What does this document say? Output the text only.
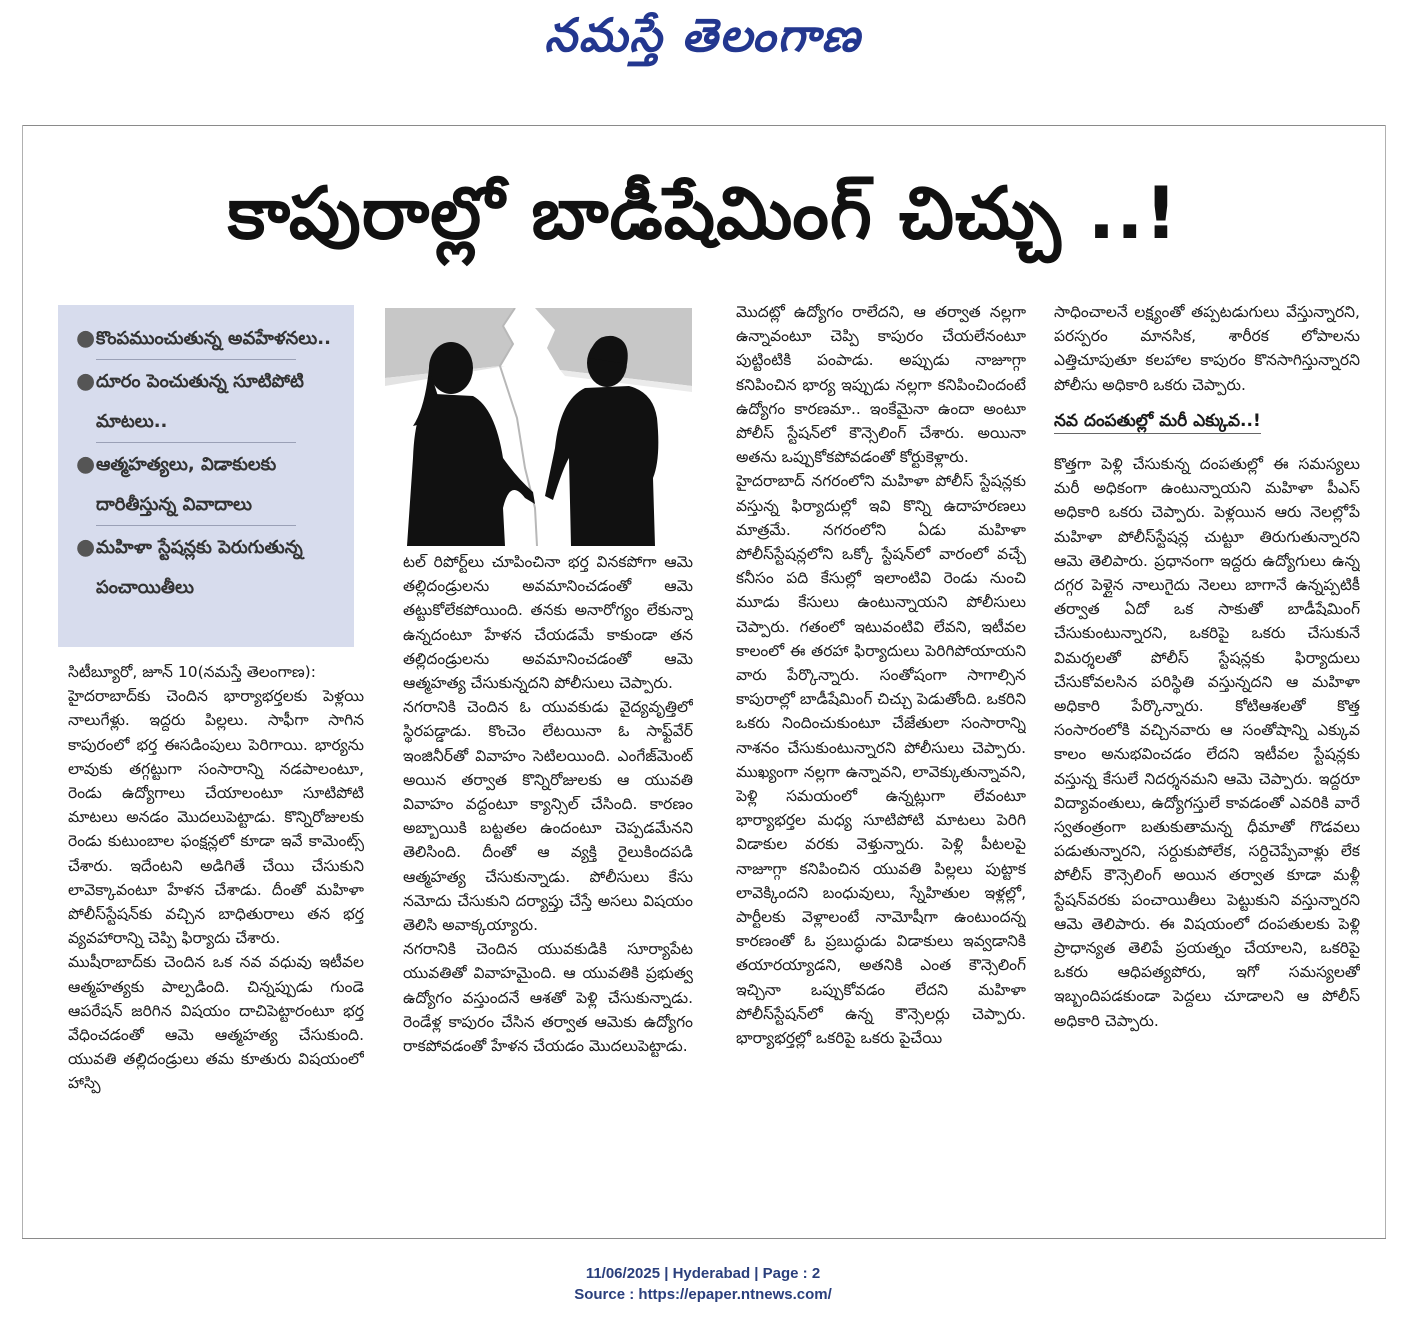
నమస్తే తెలంగాణ
కాపురాల్లో బాడీషేమింగ్ చిచ్చు ..!
● కొంపముంచుతున్న అవహేళనలు..
● దూరం పెంచుతున్న సూటిపోటి మాటలు..
● ఆత్మహత్యలు, విడాకులకు దారితీస్తున్న వివాదాలు
● మహిళా స్టేషన్లకు పెరుగుతున్న పంచాయితీలు

సిటీబ్యూరో, జూన్ 10(నమస్తే తెలంగాణ):

● హైదరాబాద్‌కు చెందిన భార్యాభర్తలకు పెళ్లయి నాలుగేళ్లు. ఇద్దరు పిల్లలు. సాఫీగా సాగిన కాపురంలో భర్త ఈసడింపులు పెరిగాయి. భార్యను లావుకు తగ్గట్టుగా సంసారాన్ని నడపాలంటూ, రెండు ఉద్యోగాలు చేయాలంటూ సూటిపోటి మాటలు అనడం మొదలుపెట్టాడు. కొన్నిరోజులకు రెండు కుటుంబాల ఫంక్షన్లలో కూడా ఇవే కామెంట్స్ చేశారు. ఇదేంటని అడిగితే చేయి చేసుకుని లావెక్కావంటూ హేళన చేశాడు. దీంతో మహిళా పోలీస్‌స్టేషన్‌కు వచ్చిన బాధితురాలు తన భర్త వ్యవహారాన్ని చెప్పి ఫిర్యాదు చేశారు.

● ముషీరాబాద్‌కు చెందిన ఒక నవ వధువు ఇటీవల ఆత్మహత్యకు పాల్పడింది. చిన్నప్పుడు గుండె ఆపరేషన్ జరిగిన విషయం దాచిపెట్టారంటూ భర్త వేధించడంతో ఆమె ఆత్మహత్య చేసుకుంది. యువతి తల్లిదండ్రులు తమ కూతురు విషయంలో హాస్పి

టల్ రిపోర్ట్‌లు చూపించినా భర్త వినకపోగా ఆమె తల్లిదండ్రులను అవమానించడంతో ఆమె తట్టుకోలేకపోయింది. తనకు అనారోగ్యం లేకున్నా ఉన్నదంటూ హేళన చేయడమే కాకుండా తన తల్లిదండ్రులను అవమానించడంతో ఆమె ఆత్మహత్య చేసుకున్నదని పోలీసులు చెప్పారు.

● నగరానికి చెందిన ఓ యువకుడు వైద్యవృత్తిలో స్థిరపడ్డాడు. కొంచెం లేటయినా ఓ సాఫ్ట్‌వేర్ ఇంజినీర్‌తో వివాహం సెటిలయింది. ఎంగేజ్‌మెంట్ అయిన తర్వాత కొన్నిరోజులకు ఆ యువతి వివాహం వద్దంటూ క్యాన్సిల్ చేసింది. కారణం అబ్బాయికి బట్టతల ఉందంటూ చెప్పడమేనని తెలిసింది. దీంతో ఆ వ్యక్తి రైలుకిందపడి ఆత్మహత్య చేసుకున్నాడు. పోలీసులు కేసు నమోదు చేసుకుని దర్యాప్తు చేస్తే అసలు విషయం తెలిసి అవాక్కయ్యారు.

● నగరానికి చెందిన యువకుడికి సూర్యాపేట యువతితో వివాహమైంది. ఆ యువతికి ప్రభుత్వ ఉద్యోగం వస్తుందనే ఆశతో పెళ్లి చేసుకున్నాడు. రెండేళ్ల కాపురం చేసిన తర్వాత ఆమెకు ఉద్యోగం రాకపోవడంతో హేళన చేయడం మొదలుపెట్టాడు.

మొదట్లో ఉద్యోగం రాలేదని, ఆ తర్వాత నల్లగా ఉన్నావంటూ చెప్పి కాపురం చేయలేనంటూ పుట్టింటికి పంపాడు. అప్పుడు నాజూగ్గా కనిపించిన భార్య ఇప్పుడు నల్లగా కనిపించిందంటే ఉద్యోగం కారణమా.. ఇంకేమైనా ఉందా అంటూ పోలీస్ స్టేషన్‌లో కౌన్సెలింగ్ చేశారు. అయినా అతను ఒప్పుకోకపోవడంతో కోర్టుకెళ్లారు.

హైదరాబాద్ నగరంలోని మహిళా పోలీస్ స్టేషన్లకు వస్తున్న ఫిర్యాదుల్లో ఇవి కొన్ని ఉదాహరణలు మాత్రమే. నగరంలోని ఏడు మహిళా పోలీస్‌స్టేషన్లలోని ఒక్కో స్టేషన్‌లో వారంలో వచ్చే కనీసం పది కేసుల్లో ఇలాంటివి రెండు నుంచి మూడు కేసులు ఉంటున్నాయని పోలీసులు చెప్పారు. గతంలో ఇటువంటివి లేవని, ఇటీవల కాలంలో ఈ తరహా ఫిర్యాదులు పెరిగిపోయాయని వారు పేర్కొన్నారు. సంతోషంగా సాగాల్సిన కాపురాల్లో బాడీషేమింగ్ చిచ్చు పెడుతోంది. ఒకరిని ఒకరు నిందించుకుంటూ చేజేతులా సంసారాన్ని నాశనం చేసుకుంటున్నారని పోలీసులు చెప్పారు. ముఖ్యంగా నల్లగా ఉన్నావని, లావెక్కుతున్నావని, పెళ్లి సమయంలో ఉన్నట్లుగా లేవంటూ భార్యాభర్తల మధ్య సూటిపోటి మాటలు పెరిగి విడాకుల వరకు వెళ్తున్నారు. పెళ్లి పీటలపై నాజూగ్గా కనిపించిన యువతి పిల్లలు పుట్టాక లావెక్కిందని బంధువులు, స్నేహితుల ఇళ్లల్లో, పార్టీలకు వెళ్లాలంటే నామోషీగా ఉంటుందన్న కారణంతో ఓ ప్రబుద్ధుడు విడాకులు ఇవ్వడానికి తయారయ్యాడని, అతనికి ఎంత కౌన్సెలింగ్ ఇచ్చినా ఒప్పుకోవడం లేదని మహిళా పోలీస్‌స్టేషన్‌లో ఉన్న కౌన్సెలర్లు చెప్పారు. భార్యాభర్తల్లో ఒకరిపై ఒకరు పైచేయి

సాధించాలనే లక్ష్యంతో తప్పటడుగులు వేస్తున్నారని, పరస్పరం మానసిక, శారీరక లోపాలను ఎత్తిచూపుతూ కలహాల కాపురం కొనసాగిస్తున్నారని పోలీసు అధికారి ఒకరు చెప్పారు.

నవ దంపతుల్లో మరీ ఎక్కువ..!

కొత్తగా పెళ్లి చేసుకున్న దంపతుల్లో ఈ సమస్యలు మరీ అధికంగా ఉంటున్నాయని మహిళా పీఎస్ అధికారి ఒకరు చెప్పారు. పెళ్లయిన ఆరు నెలల్లోపే మహిళా పోలీస్‌స్టేషన్ల చుట్టూ తిరుగుతున్నారని ఆమె తెలిపారు. ప్రధానంగా ఇద్దరు ఉద్యోగులు ఉన్న దగ్గర పెళ్లైన నాలుగైదు నెలలు బాగానే ఉన్నప్పటికీ తర్వాత ఏదో ఒక సాకుతో బాడీషేమింగ్ చేసుకుంటున్నారని, ఒకరిపై ఒకరు చేసుకునే విమర్శలతో పోలీస్ స్టేషన్లకు ఫిర్యాదులు చేసుకోవలసిన పరిస్థితి వస్తున్నదని ఆ మహిళా అధికారి పేర్కొన్నారు. కోటిఆశలతో కొత్త సంసారంలోకి వచ్చినవారు ఆ సంతోషాన్ని ఎక్కువ కాలం అనుభవించడం లేదని ఇటీవల స్టేషన్లకు వస్తున్న కేసులే నిదర్శనమని ఆమె చెప్పారు. ఇద్దరూ విద్యావంతులు, ఉద్యోగస్తులే కావడంతో ఎవరికి వారే స్వతంత్రంగా బతుకుతామన్న ధీమాతో గొడవలు పడుతున్నారని, సర్దుకుపోలేక, సర్దిచెప్పేవాళ్లు లేక పోలీస్ కౌన్సెలింగ్ అయిన తర్వాత కూడా మళ్లీ స్టేషన్‌వరకు పంచాయితీలు పెట్టుకుని వస్తున్నారని ఆమె తెలిపారు. ఈ విషయంలో దంపతులకు పెళ్లి ప్రాధాన్యత తెలిపే ప్రయత్నం చేయాలని, ఒకరిపై ఒకరు ఆధిపత్యపోరు, ఇగో సమస్యలతో ఇబ్బందిపడకుండా పెద్దలు చూడాలని ఆ పోలీస్ అధికారి చెప్పారు.

11/06/2025 | Hyderabad | Page : 2
Source : https://epaper.ntnews.com/
